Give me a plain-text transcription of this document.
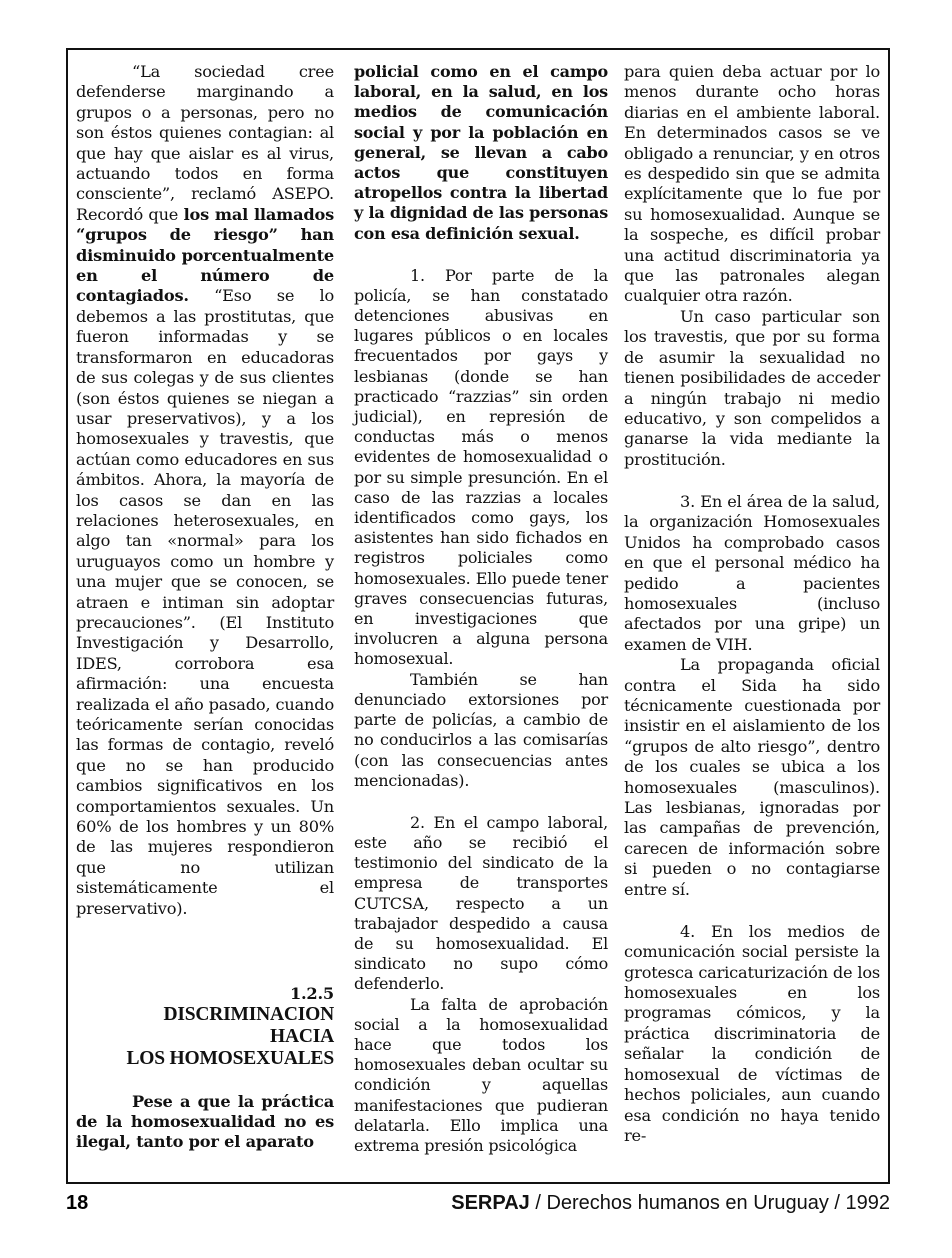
“La sociedad cree defenderse marginando a grupos o a personas, pero no son éstos quienes contagian: al que hay que aislar es al virus, actuando todos en forma consciente”, reclamó ASEPO. Recordó que los mal llamados “grupos de riesgo” han disminuido porcentualmente en el número de contagiados. “Eso se lo debemos a las prostitutas, que fueron informadas y se transformaron en educadoras de sus colegas y de sus clientes (son éstos quienes se niegan a usar preservativos), y a los homosexuales y travestis, que actúan como educadores en sus ámbitos. Ahora, la mayoría de los casos se dan en las relaciones heterosexuales, en algo tan «normal» para los uruguayos como un hombre y una mujer que se conocen, se atraen e intiman sin adoptar precauciones”. (El Instituto Investigación y Desarrollo, IDES, corrobora esa afirmación: una encuesta realizada el año pasado, cuando teóricamente serían conocidas las formas de contagio, reveló que no se han producido cambios significativos en los comportamientos sexuales. Un 60% de los hombres y un 80% de las mujeres respondieron que no utilizan sistemáticamente el preservativo).

1.2.5

DISCRIMINACION

HACIA

LOS HOMOSEXUALES

Pese a que la práctica de la homosexualidad no es ilegal, tanto por el aparato

policial como en el campo laboral, en la salud, en los medios de comunicación social y por la población en general, se llevan a cabo actos que constituyen atropellos contra la libertad y la dignidad de las personas con esa definición sexual.

1. Por parte de la policía, se han constatado detenciones abusivas en lugares públicos o en locales frecuentados por gays y lesbianas (donde se han practicado “razzias” sin orden judicial), en represión de conductas más o menos evidentes de homosexualidad o por su simple presunción. En el caso de las razzias a locales identificados como gays, los asistentes han sido fichados en registros policiales como homosexuales. Ello puede tener graves consecuencias futuras, en investigaciones que involucren a alguna persona homosexual.

También se han denunciado extorsiones por parte de policías, a cambio de no conducirlos a las comisarías (con las consecuencias antes mencionadas).

2. En el campo laboral, este año se recibió el testimonio del sindicato de la empresa de transportes CUTCSA, respecto a un trabajador despedido a causa de su homosexualidad. El sindicato no supo cómo defenderlo.

La falta de aprobación social a la homosexualidad hace que todos los homosexuales deban ocultar su condición y aquellas manifestaciones que pudieran delatarla. Ello implica una extrema presión psicológica

para quien deba actuar por lo menos durante ocho horas diarias en el ambiente laboral. En determinados casos se ve obligado a renunciar, y en otros es despedido sin que se admita explícitamente que lo fue por su homosexualidad. Aunque se la sospeche, es difícil probar una actitud discriminatoria ya que las patronales alegan cualquier otra razón.

Un caso particular son los travestis, que por su forma de asumir la sexualidad no tienen posibilidades de acceder a ningún trabajo ni medio educativo, y son compelidos a ganarse la vida mediante la prostitución.

3. En el área de la salud, la organización Homosexuales Unidos ha comprobado casos en que el personal médico ha pedido a pacientes homosexuales (incluso afectados por una gripe) un examen de VIH.

La propaganda oficial contra el Sida ha sido técnicamente cuestionada por insistir en el aislamiento de los “grupos de alto riesgo”, dentro de los cuales se ubica a los homosexuales (masculinos). Las lesbianas, ignoradas por las campañas de prevención, carecen de información sobre si pueden o no contagiarse entre sí.

4. En los medios de comunicación social persiste la grotesca caricaturización de los homosexuales en los programas cómicos, y la práctica discriminatoria de señalar la condición de homosexual de víctimas de hechos policiales, aun cuando esa condición no haya tenido re-

18	SERPAJ / Derechos humanos en Uruguay / 1992
